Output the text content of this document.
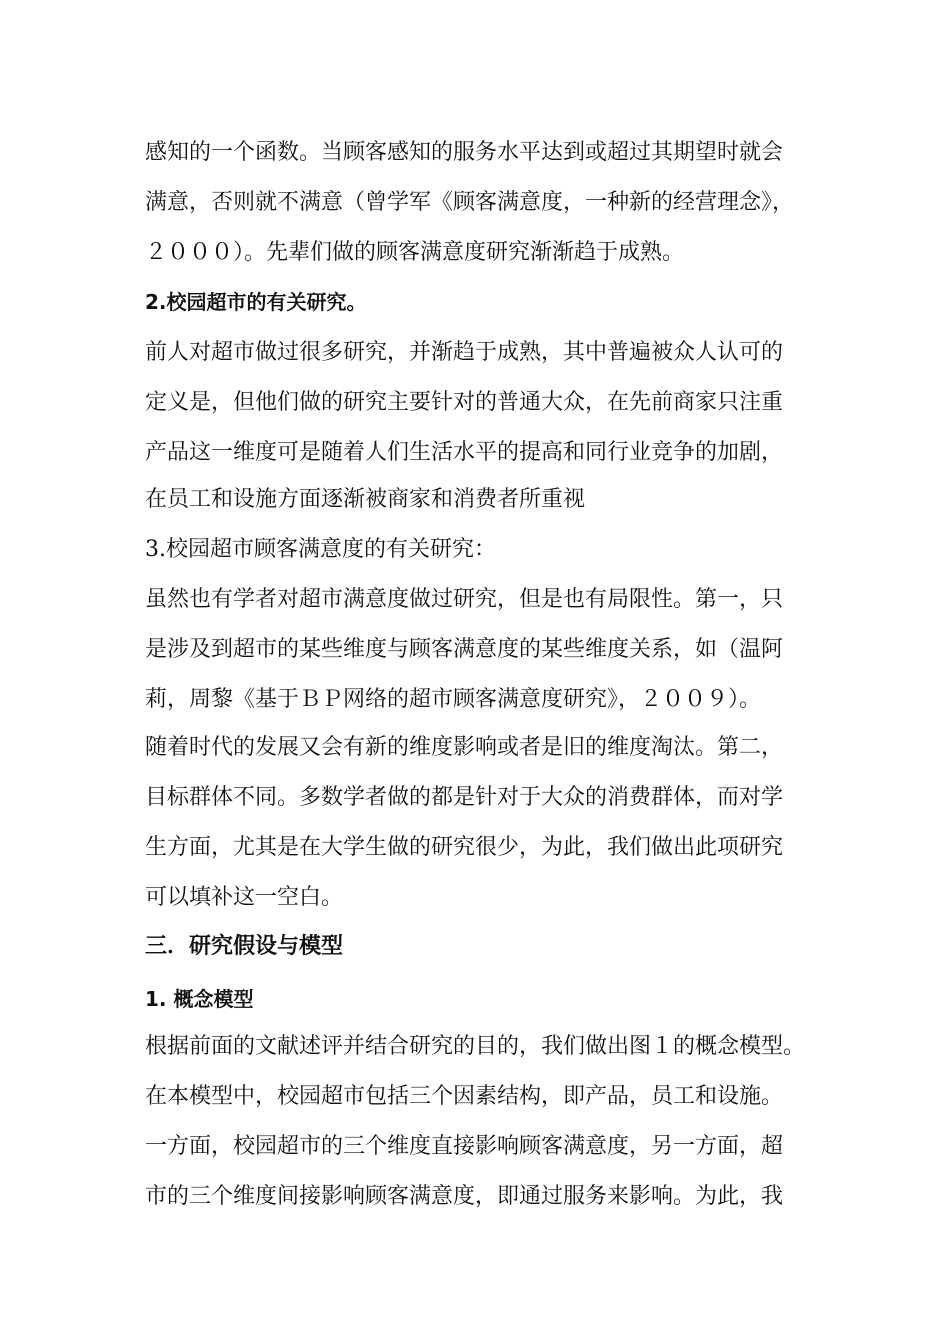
感知的一个函数。当顾客感知的服务水平达到或超过其期望时就会
满意，否则就不满意（曾学军《顾客满意度，一种新的经营理念》，
２０００）。先辈们做的顾客满意度研究渐渐趋于成熟。
2.校园超市的有关研究。
前人对超市做过很多研究，并渐趋于成熟，其中普遍被众人认可的
定义是，但他们做的研究主要针对的普通大众，在先前商家只注重
产品这一维度可是随着人们生活水平的提高和同行业竞争的加剧，
在员工和设施方面逐渐被商家和消费者所重视
3.校园超市顾客满意度的有关研究：
虽然也有学者对超市满意度做过研究，但是也有局限性。第一，只
是涉及到超市的某些维度与顾客满意度的某些维度关系，如（温阿
莉，周黎《基于ＢＰ网络的超市顾客满意度研究》，２００９）。
随着时代的发展又会有新的维度影响或者是旧的维度淘汰。第二，
目标群体不同。多数学者做的都是针对于大众的消费群体，而对学
生方面，尤其是在大学生做的研究很少，为此，我们做出此项研究
可以填补这一空白。
三．研究假设与模型
1. 概念模型
根据前面的文献述评并结合研究的目的，我们做出图１的概念模型。
在本模型中，校园超市包括三个因素结构，即产品，员工和设施。
一方面，校园超市的三个维度直接影响顾客满意度，另一方面，超
市的三个维度间接影响顾客满意度，即通过服务来影响。为此，我
